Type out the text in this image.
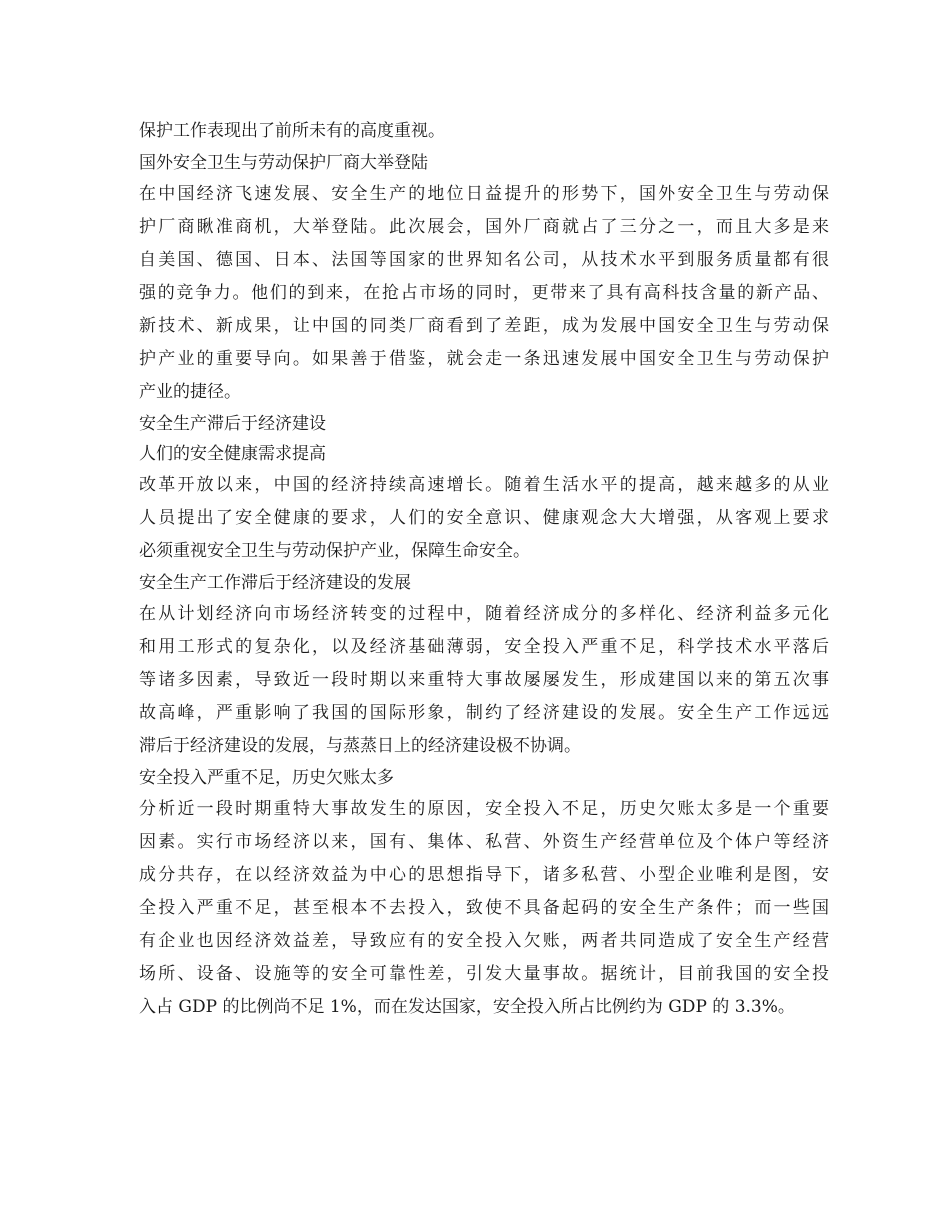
保护工作表现出了前所未有的高度重视。
国外安全卫生与劳动保护厂商大举登陆
在中国经济飞速发展、安全生产的地位日益提升的形势下，国外安全卫生与劳动保
护厂商瞅准商机，大举登陆。此次展会，国外厂商就占了三分之一，而且大多是来
自美国、德国、日本、法国等国家的世界知名公司，从技术水平到服务质量都有很
强的竞争力。他们的到来，在抢占市场的同时，更带来了具有高科技含量的新产品、
新技术、新成果，让中国的同类厂商看到了差距，成为发展中国安全卫生与劳动保
护产业的重要导向。如果善于借鉴，就会走一条迅速发展中国安全卫生与劳动保护
产业的捷径。
安全生产滞后于经济建设
人们的安全健康需求提高
改革开放以来，中国的经济持续高速增长。随着生活水平的提高，越来越多的从业
人员提出了安全健康的要求，人们的安全意识、健康观念大大增强，从客观上要求
必须重视安全卫生与劳动保护产业，保障生命安全。
安全生产工作滞后于经济建设的发展
在从计划经济向市场经济转变的过程中，随着经济成分的多样化、经济利益多元化
和用工形式的复杂化，以及经济基础薄弱，安全投入严重不足，科学技术水平落后
等诸多因素，导致近一段时期以来重特大事故屡屡发生，形成建国以来的第五次事
故高峰，严重影响了我国的国际形象，制约了经济建设的发展。安全生产工作远远
滞后于经济建设的发展，与蒸蒸日上的经济建设极不协调。
安全投入严重不足，历史欠账太多
分析近一段时期重特大事故发生的原因，安全投入不足，历史欠账太多是一个重要
因素。实行市场经济以来，国有、集体、私营、外资生产经营单位及个体户等经济
成分共存，在以经济效益为中心的思想指导下，诸多私营、小型企业唯利是图，安
全投入严重不足，甚至根本不去投入，致使不具备起码的安全生产条件；而一些国
有企业也因经济效益差，导致应有的安全投入欠账，两者共同造成了安全生产经营
场所、设备、设施等的安全可靠性差，引发大量事故。据统计，目前我国的安全投
入占 GDP 的比例尚不足 1%，而在发达国家，安全投入所占比例约为 GDP 的 3.3%。
